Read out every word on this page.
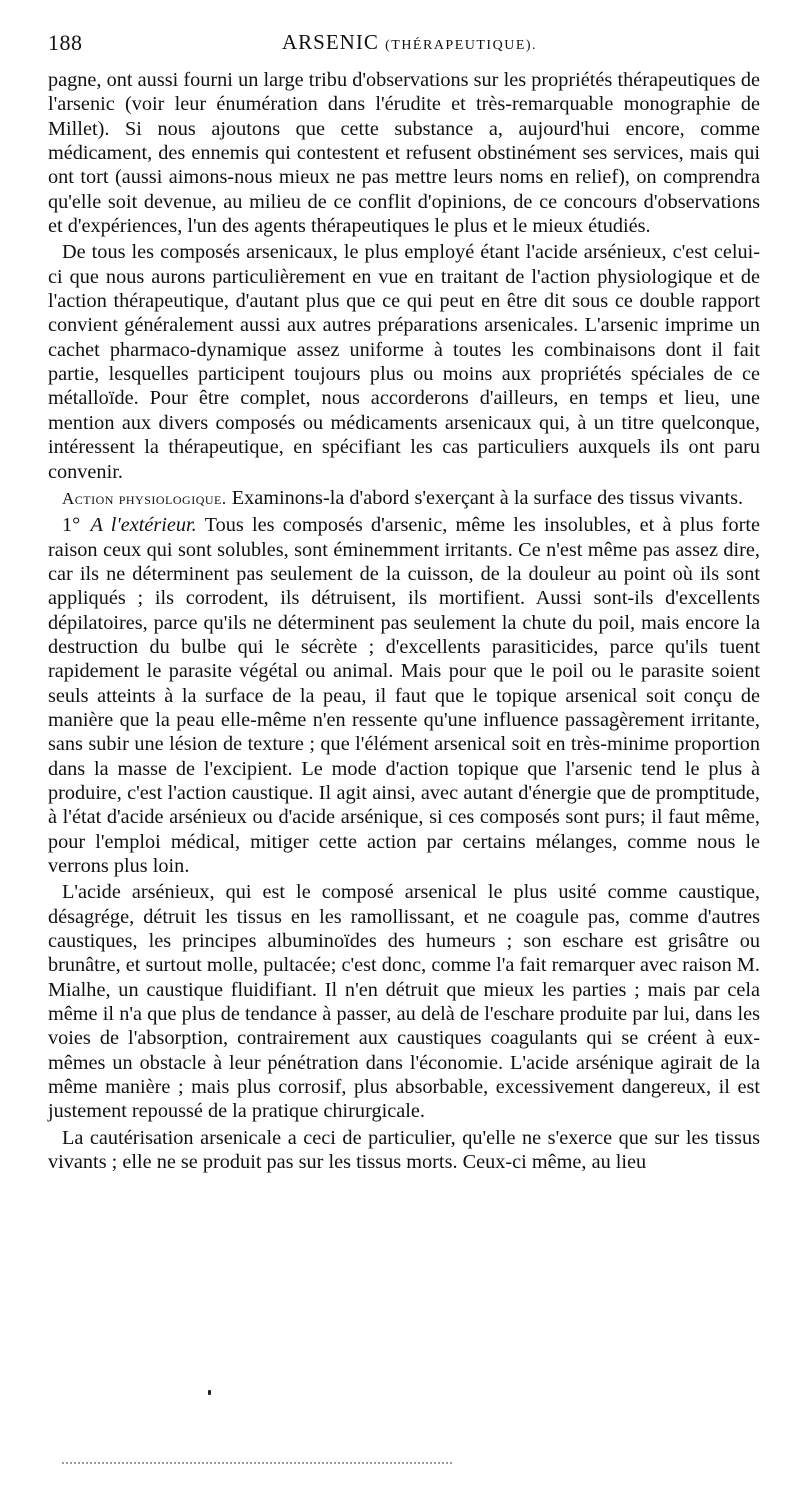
188	ARSENIC (THÉRAPEUTIQUE).

pagne, ont aussi fourni un large tribu d'observations sur les propriétés thérapeutiques de l'arsenic (voir leur énumération dans l'érudite et très-remarquable monographie de Millet). Si nous ajoutons que cette substance a, aujourd'hui encore, comme médicament, des ennemis qui contestent et refusent obstinément ses services, mais qui ont tort (aussi aimons-nous mieux ne pas mettre leurs noms en relief), on comprendra qu'elle soit devenue, au milieu de ce conflit d'opinions, de ce concours d'observations et d'expériences, l'un des agents thérapeutiques le plus et le mieux étudiés.

De tous les composés arsenicaux, le plus employé étant l'acide arsénieux, c'est celui-ci que nous aurons particulièrement en vue en traitant de l'action physiologique et de l'action thérapeutique, d'autant plus que ce qui peut en être dit sous ce double rapport convient généralement aussi aux autres préparations arsenicales. L'arsenic imprime un cachet pharmaco-dynamique assez uniforme à toutes les combinaisons dont il fait partie, lesquelles participent toujours plus ou moins aux propriétés spéciales de ce métalloïde. Pour être complet, nous accorderons d'ailleurs, en temps et lieu, une mention aux divers composés ou médicaments arsenicaux qui, à un titre quelconque, intéressent la thérapeutique, en spécifiant les cas particuliers auxquels ils ont paru convenir.

Action physiologique. Examinons-la d'abord s'exerçant à la surface des tissus vivants.

1° A l'extérieur. Tous les composés d'arsenic, même les insolubles, et à plus forte raison ceux qui sont solubles, sont éminemment irritants. Ce n'est même pas assez dire, car ils ne déterminent pas seulement de la cuisson, de la douleur au point où ils sont appliqués ; ils corrodent, ils détruisent, ils mortifient. Aussi sont-ils d'excellents dépilatoires, parce qu'ils ne déterminent pas seulement la chute du poil, mais encore la destruction du bulbe qui le sécrète ; d'excellents parasiticides, parce qu'ils tuent rapidement le parasite végétal ou animal. Mais pour que le poil ou le parasite soient seuls atteints à la surface de la peau, il faut que le topique arsenical soit conçu de manière que la peau elle-même n'en ressente qu'une influence passagèrement irritante, sans subir une lésion de texture ; que l'élément arsenical soit en très-minime proportion dans la masse de l'excipient. Le mode d'action topique que l'arsenic tend le plus à produire, c'est l'action caustique. Il agit ainsi, avec autant d'énergie que de promptitude, à l'état d'acide arsénieux ou d'acide arsénique, si ces composés sont purs; il faut même, pour l'emploi médical, mitiger cette action par certains mélanges, comme nous le verrons plus loin.

L'acide arsénieux, qui est le composé arsenical le plus usité comme caustique, désagrége, détruit les tissus en les ramollissant, et ne coagule pas, comme d'autres caustiques, les principes albuminoïdes des humeurs ; son eschare est grisâtre ou brunâtre, et surtout molle, pultacée; c'est donc, comme l'a fait remarquer avec raison M. Mialhe, un caustique fluidifiant. Il n'en détruit que mieux les parties ; mais par cela même il n'a que plus de tendance à passer, au delà de l'eschare produite par lui, dans les voies de l'absorption, contrairement aux caustiques coagulants qui se créent à eux-mêmes un obstacle à leur pénétration dans l'économie. L'acide arsénique agirait de la même manière ; mais plus corrosif, plus absorbable, excessivement dangereux, il est justement repoussé de la pratique chirurgicale.

La cautérisation arsenicale a ceci de particulier, qu'elle ne s'exerce que sur les tissus vivants ; elle ne se produit pas sur les tissus morts. Ceux-ci même, au lieu
